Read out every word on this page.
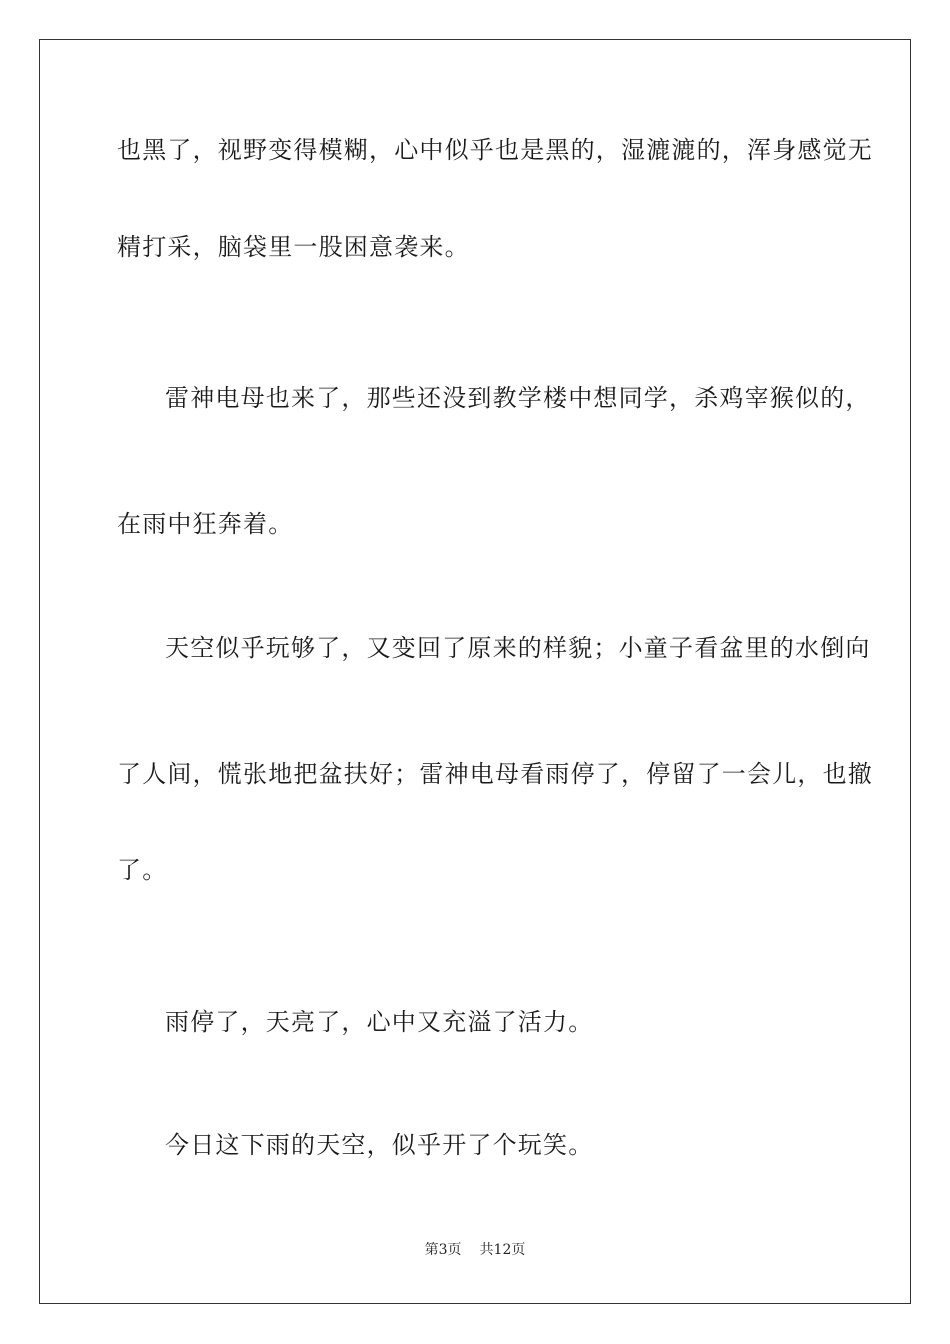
也黑了，视野变得模糊，心中似乎也是黑的，湿漉漉的，浑身感觉无
精打采，脑袋里一股困意袭来。
雷神电母也来了，那些还没到教学楼中想同学，杀鸡宰猴似的，
在雨中狂奔着。
天空似乎玩够了，又变回了原来的样貌；小童子看盆里的水倒向
了人间，慌张地把盆扶好；雷神电母看雨停了，停留了一会儿，也撤
了。
雨停了，天亮了，心中又充溢了活力。
今日这下雨的天空，似乎开了个玩笑。
第3页 共12页
